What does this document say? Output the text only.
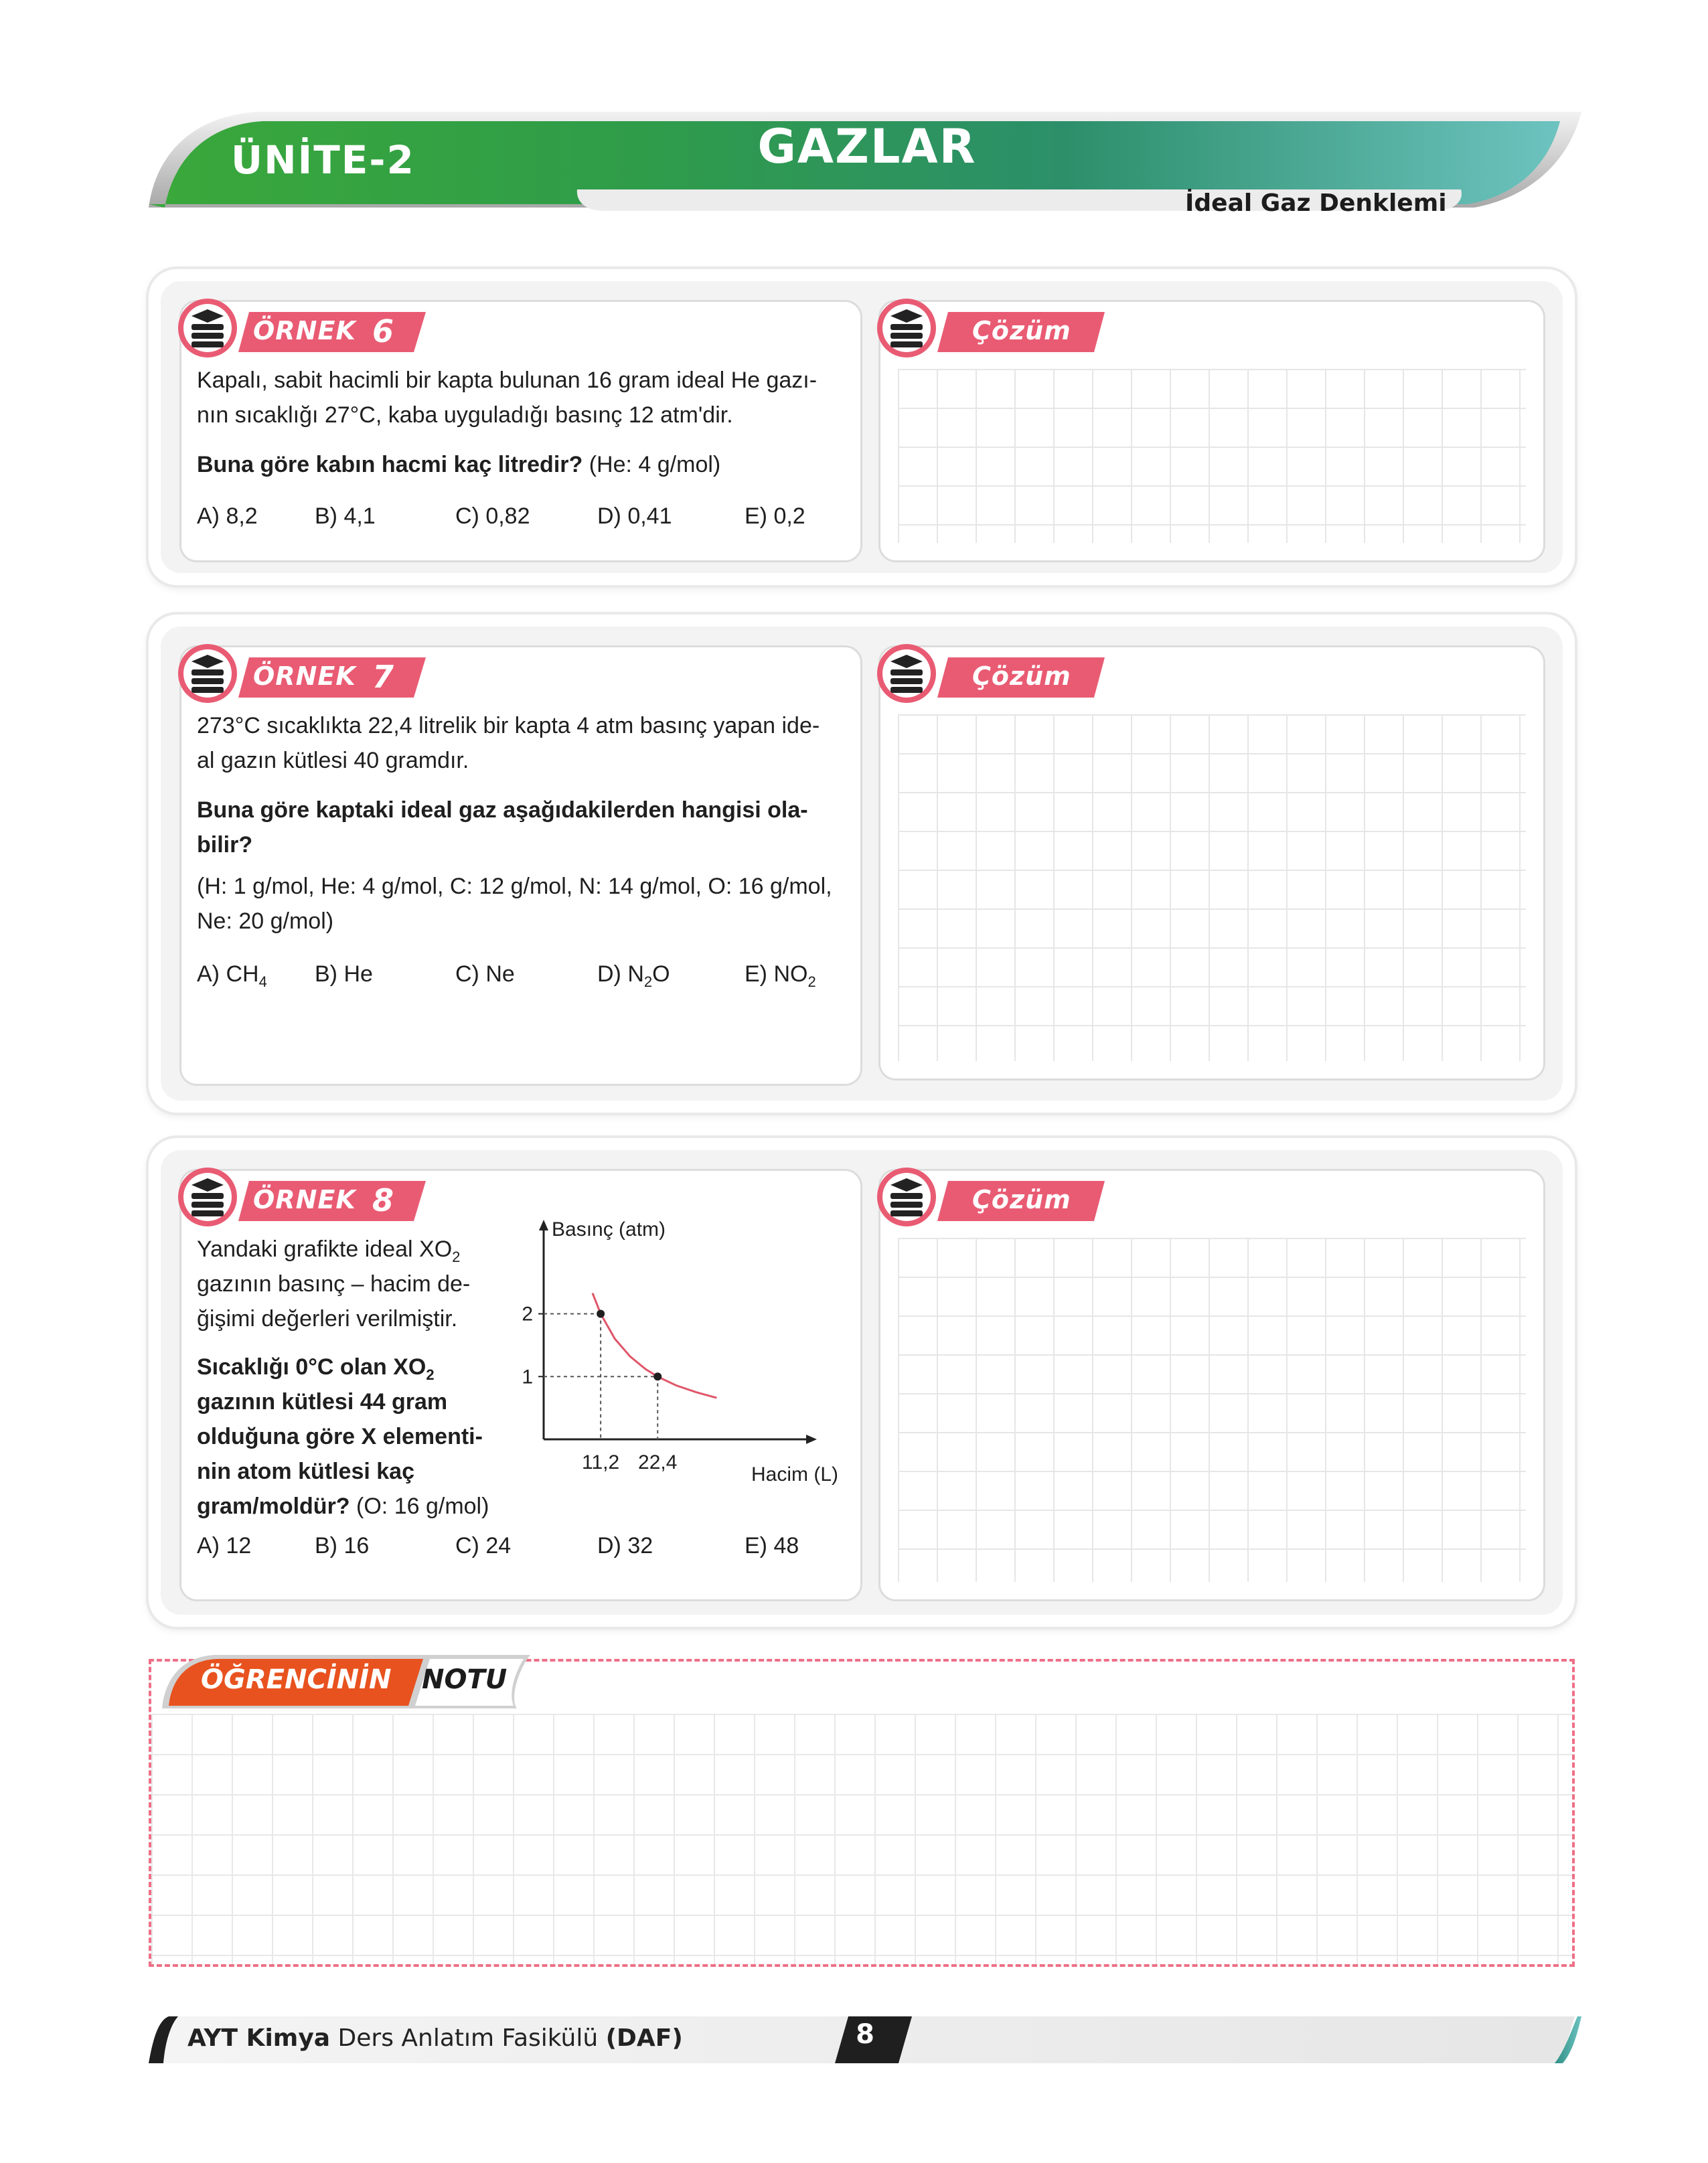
ÜNİTE-2	GAZLAR
İdeal Gaz Denklemi
ÖRNEK 6	Çözüm
Kapalı, sabit hacimli bir kapta bulunan 16 gram ideal He gazı-
nın sıcaklığı 27°C, kaba uyguladığı basınç 12 atm'dir.
Buna göre kabın hacmi kaç litredir? (He: 4 g/mol)
A) 8,2	B) 4,1	C) 0,82	D) 0,41	E) 0,2
ÖRNEK 7	Çözüm
273°C sıcaklıkta 22,4 litrelik bir kapta 4 atm basınç yapan ide-
al gazın kütlesi 40 gramdır.
Buna göre kaptaki ideal gaz aşağıdakilerden hangisi ola-
bilir?
(H: 1 g/mol, He: 4 g/mol, C: 12 g/mol, N: 14 g/mol, O: 16 g/mol,
Ne: 20 g/mol)
A) $CH_4$ B) He	C) Ne	D) $N_2O$	E) $NO_2$
ÖRNEK 8	Çözüm
Yandaki grafikte ideal $XO_2$
gazının basınç – hacim de-
ğişimi değerleri verilmiştir.
Sıcaklığı 0°C olan $XO_2$
gazının kütlesi 44 gram
olduğuna göre X elementi-
nin atom kütlesi kaç
gram/moldür? (O: 16 g/mol)
Basınç (atm)
Hacim (L)
1
2
11,2 22,4
A) 12	B) 16	C) 24	D) 32	E) 48
ÖĞRENCİNİN NOTU
AYT Kimya Ders Anlatım Fasikülü (DAF)	8
